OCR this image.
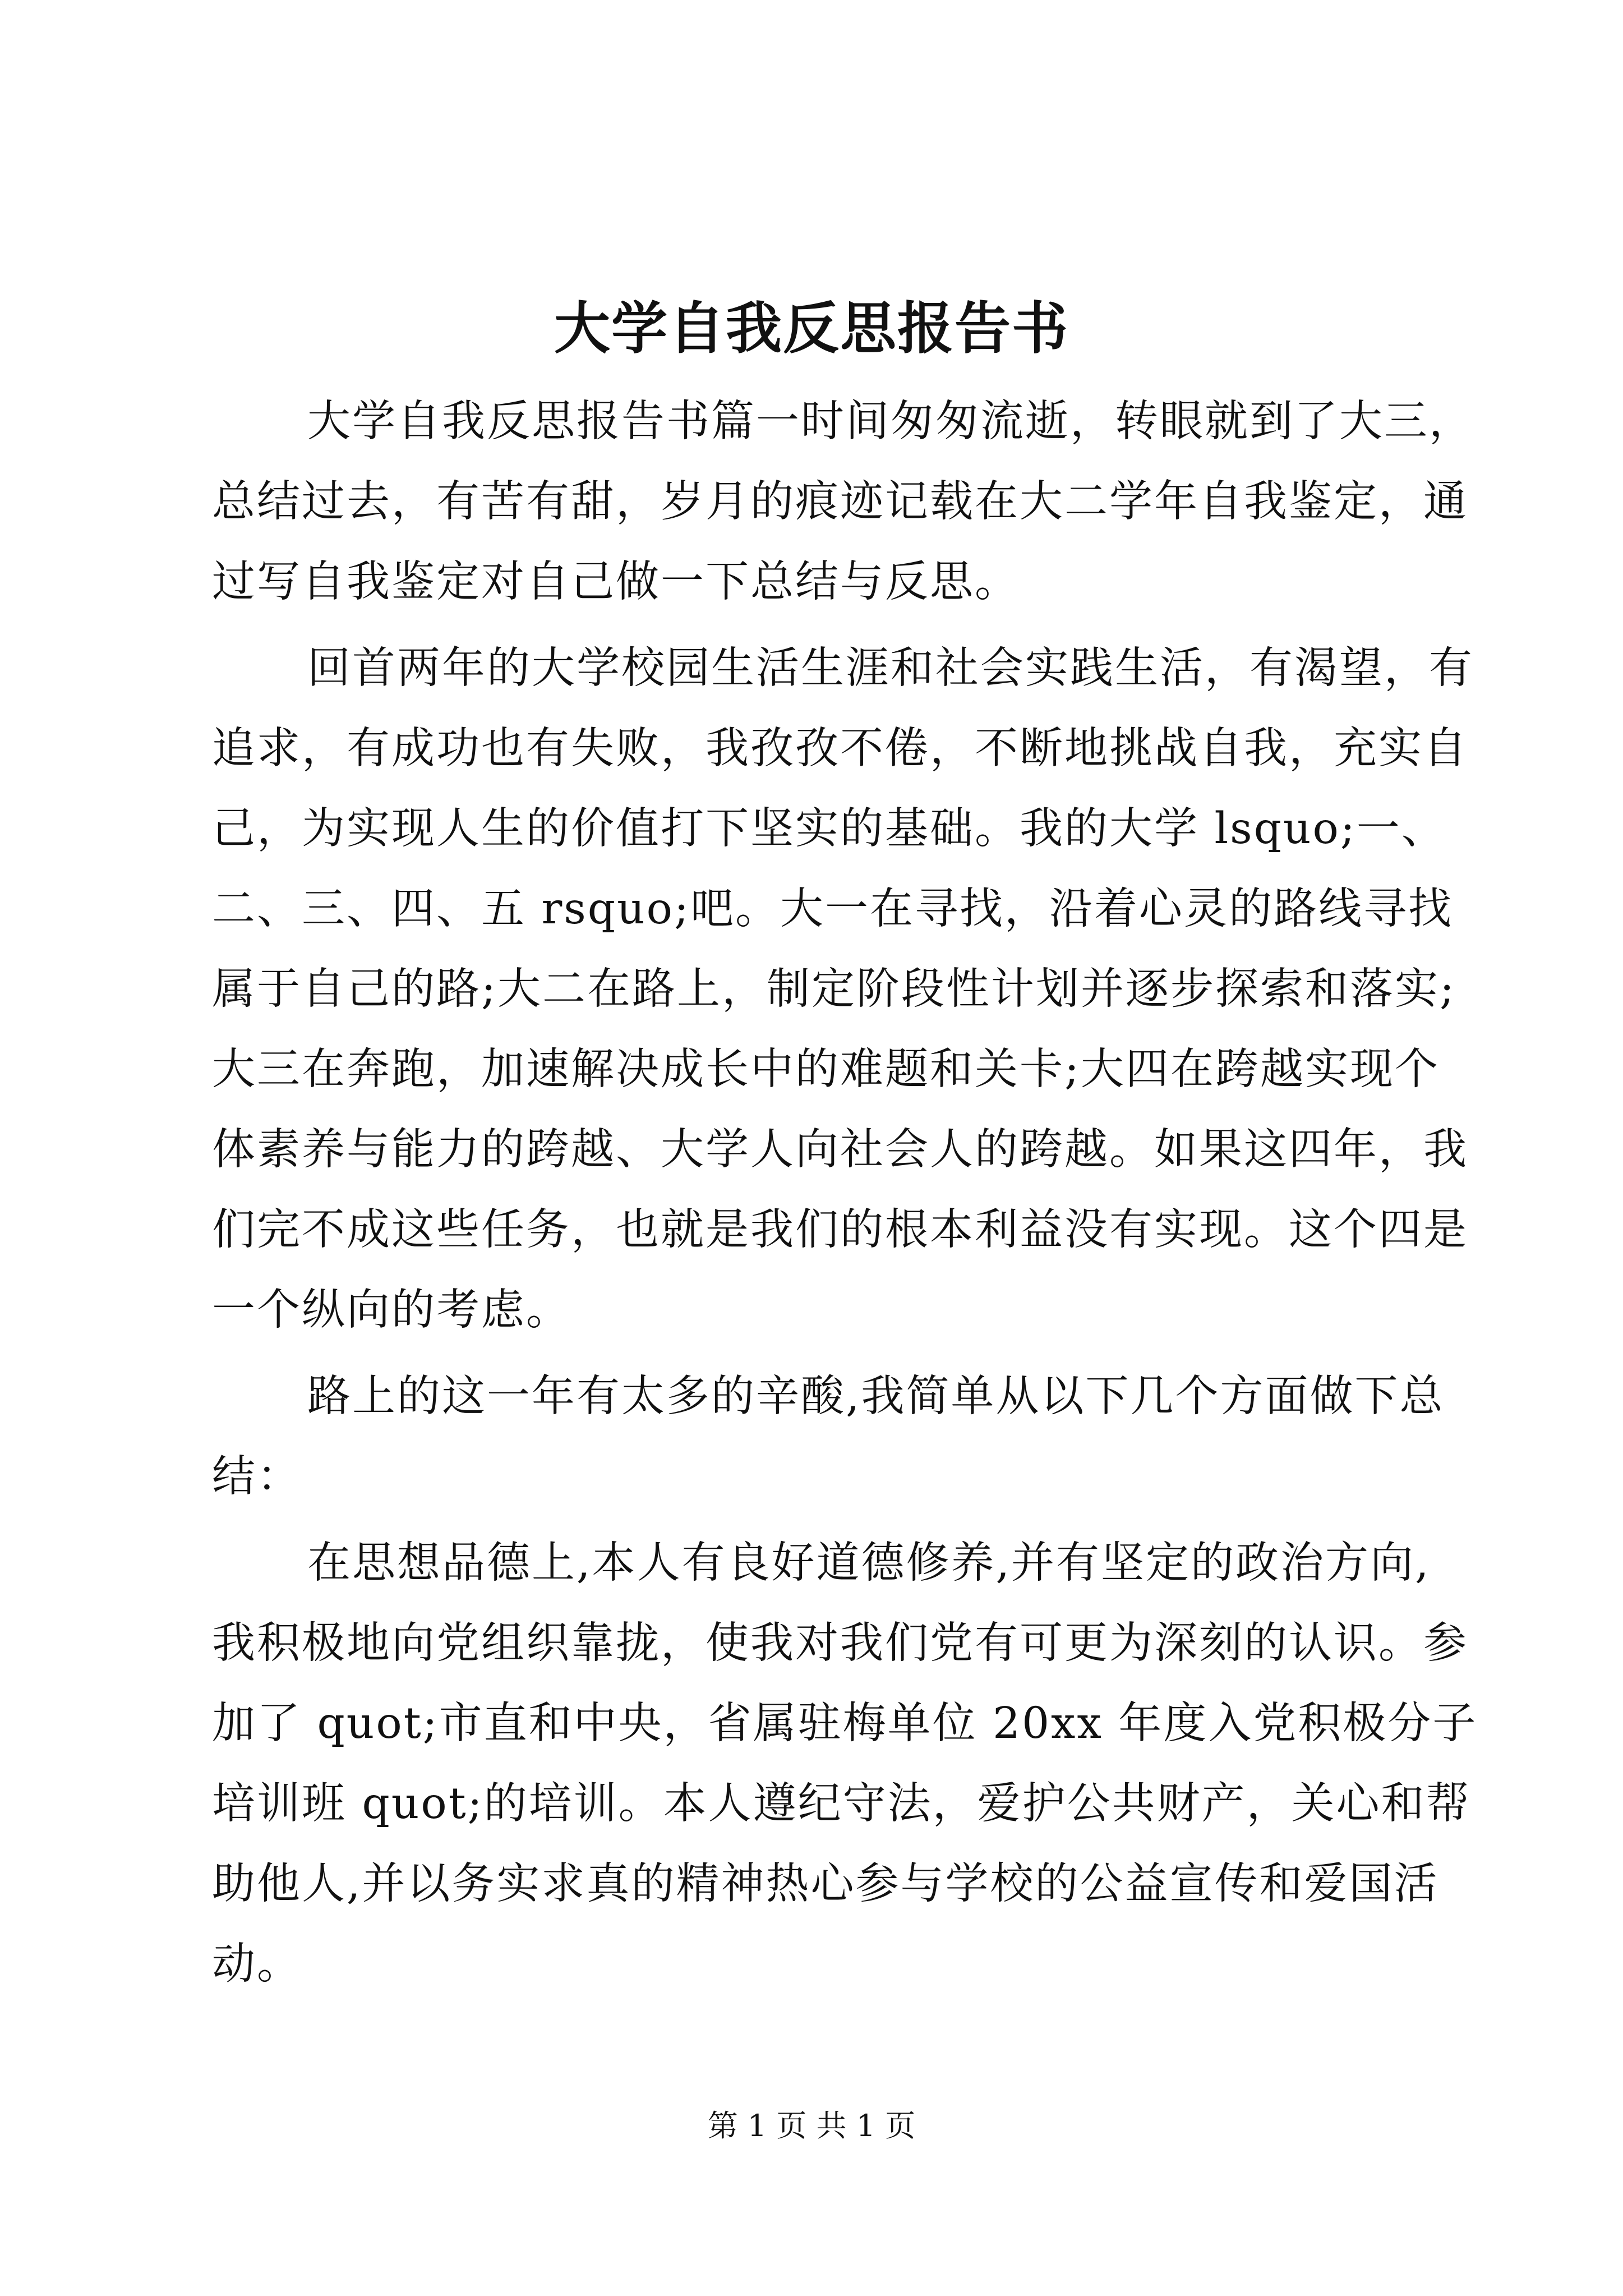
大学自我反思报告书

大学自我反思报告书篇一时间匆匆流逝，转眼就到了大三，
总结过去，有苦有甜，岁月的痕迹记载在大二学年自我鉴定，通
过写自我鉴定对自己做一下总结与反思。

回首两年的大学校园生活生涯和社会实践生活，有渴望，有
追求，有成功也有失败，我孜孜不倦，不断地挑战自我，充实自
己，为实现人生的价值打下坚实的基础。我的大学 lsquo;一、
二、三、四、五 rsquo;吧。大一在寻找，沿着心灵的路线寻找
属于自己的路;大二在路上，制定阶段性计划并逐步探索和落实;
大三在奔跑，加速解决成长中的难题和关卡;大四在跨越实现个
体素养与能力的跨越、大学人向社会人的跨越。如果这四年，我
们完不成这些任务，也就是我们的根本利益没有实现。这个四是
一个纵向的考虑。

路上的这一年有太多的辛酸,我简单从以下几个方面做下总
结：

在思想品德上,本人有良好道德修养,并有坚定的政治方向,
我积极地向党组织靠拢，使我对我们党有可更为深刻的认识。参
加了 quot;市直和中央，省属驻梅单位 20xx 年度入党积极分子
培训班 quot;的培训。本人遵纪守法，爱护公共财产，关心和帮
助他人,并以务实求真的精神热心参与学校的公益宣传和爱国活
动。

第 1 页 共 1 页
